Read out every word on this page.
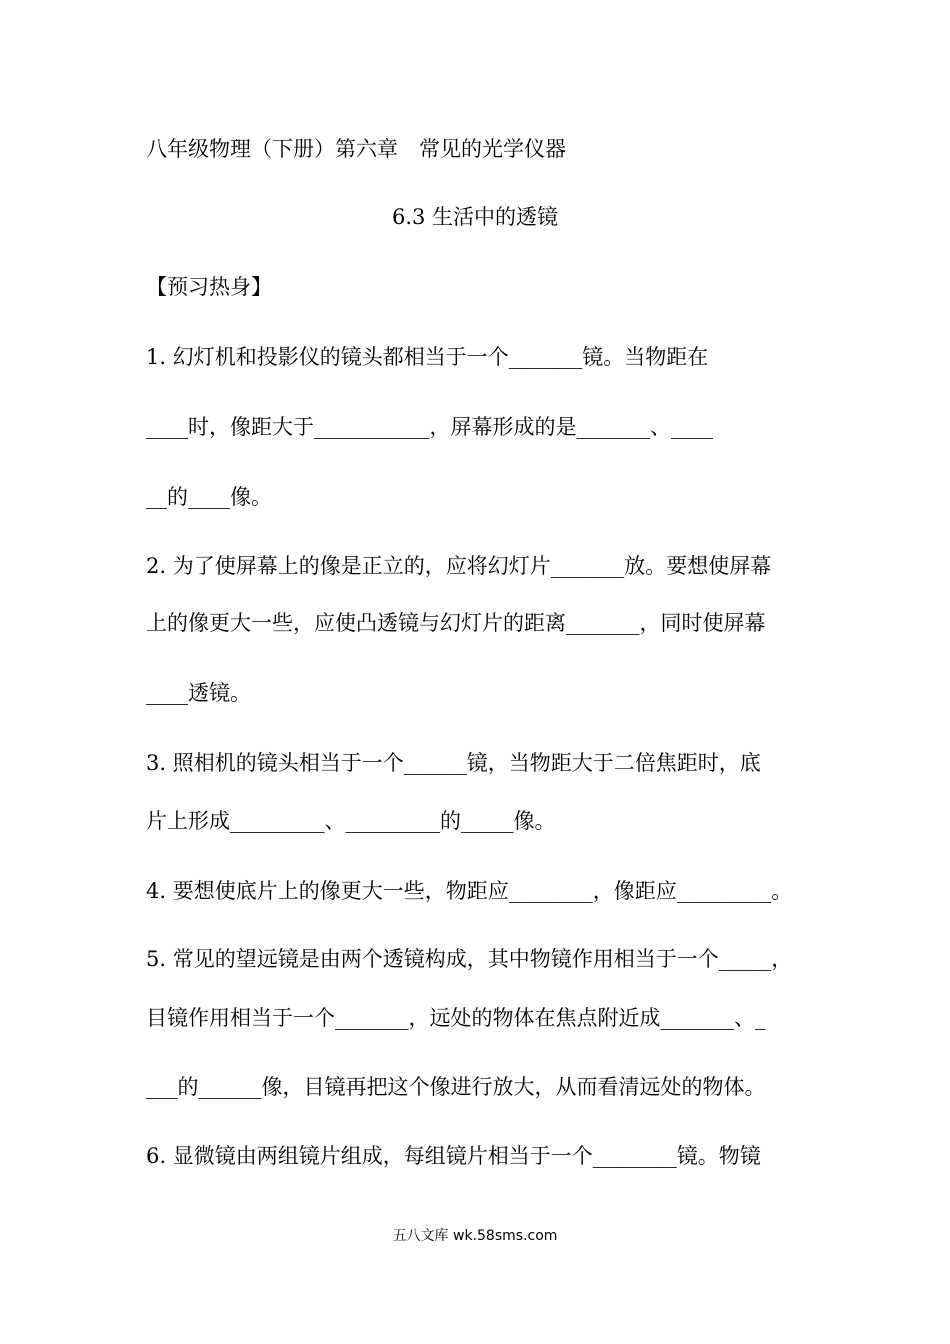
八年级物理（下册）第六章　常见的光学仪器
6.3 生活中的透镜
【预习热身】
1. 幻灯机和投影仪的镜头都相当于一个_______镜。当物距在
____时，像距大于___________，屏幕形成的是_______、____
__的____像。
2. 为了使屏幕上的像是正立的，应将幻灯片_______放。要想使屏幕
上的像更大一些，应使凸透镜与幻灯片的距离_______，同时使屏幕
____透镜。
3. 照相机的镜头相当于一个______镜，当物距大于二倍焦距时，底
片上形成_________、_________的_____像。
4. 要想使底片上的像更大一些，物距应________，像距应_________。
5. 常见的望远镜是由两个透镜构成，其中物镜作用相当于一个_____，
目镜作用相当于一个_______，远处的物体在焦点附近成_______、_
___的______像，目镜再把这个像进行放大，从而看清远处的物体。
6. 显微镜由两组镜片组成，每组镜片相当于一个________镜。物镜
五八文库 wk.58sms.com
